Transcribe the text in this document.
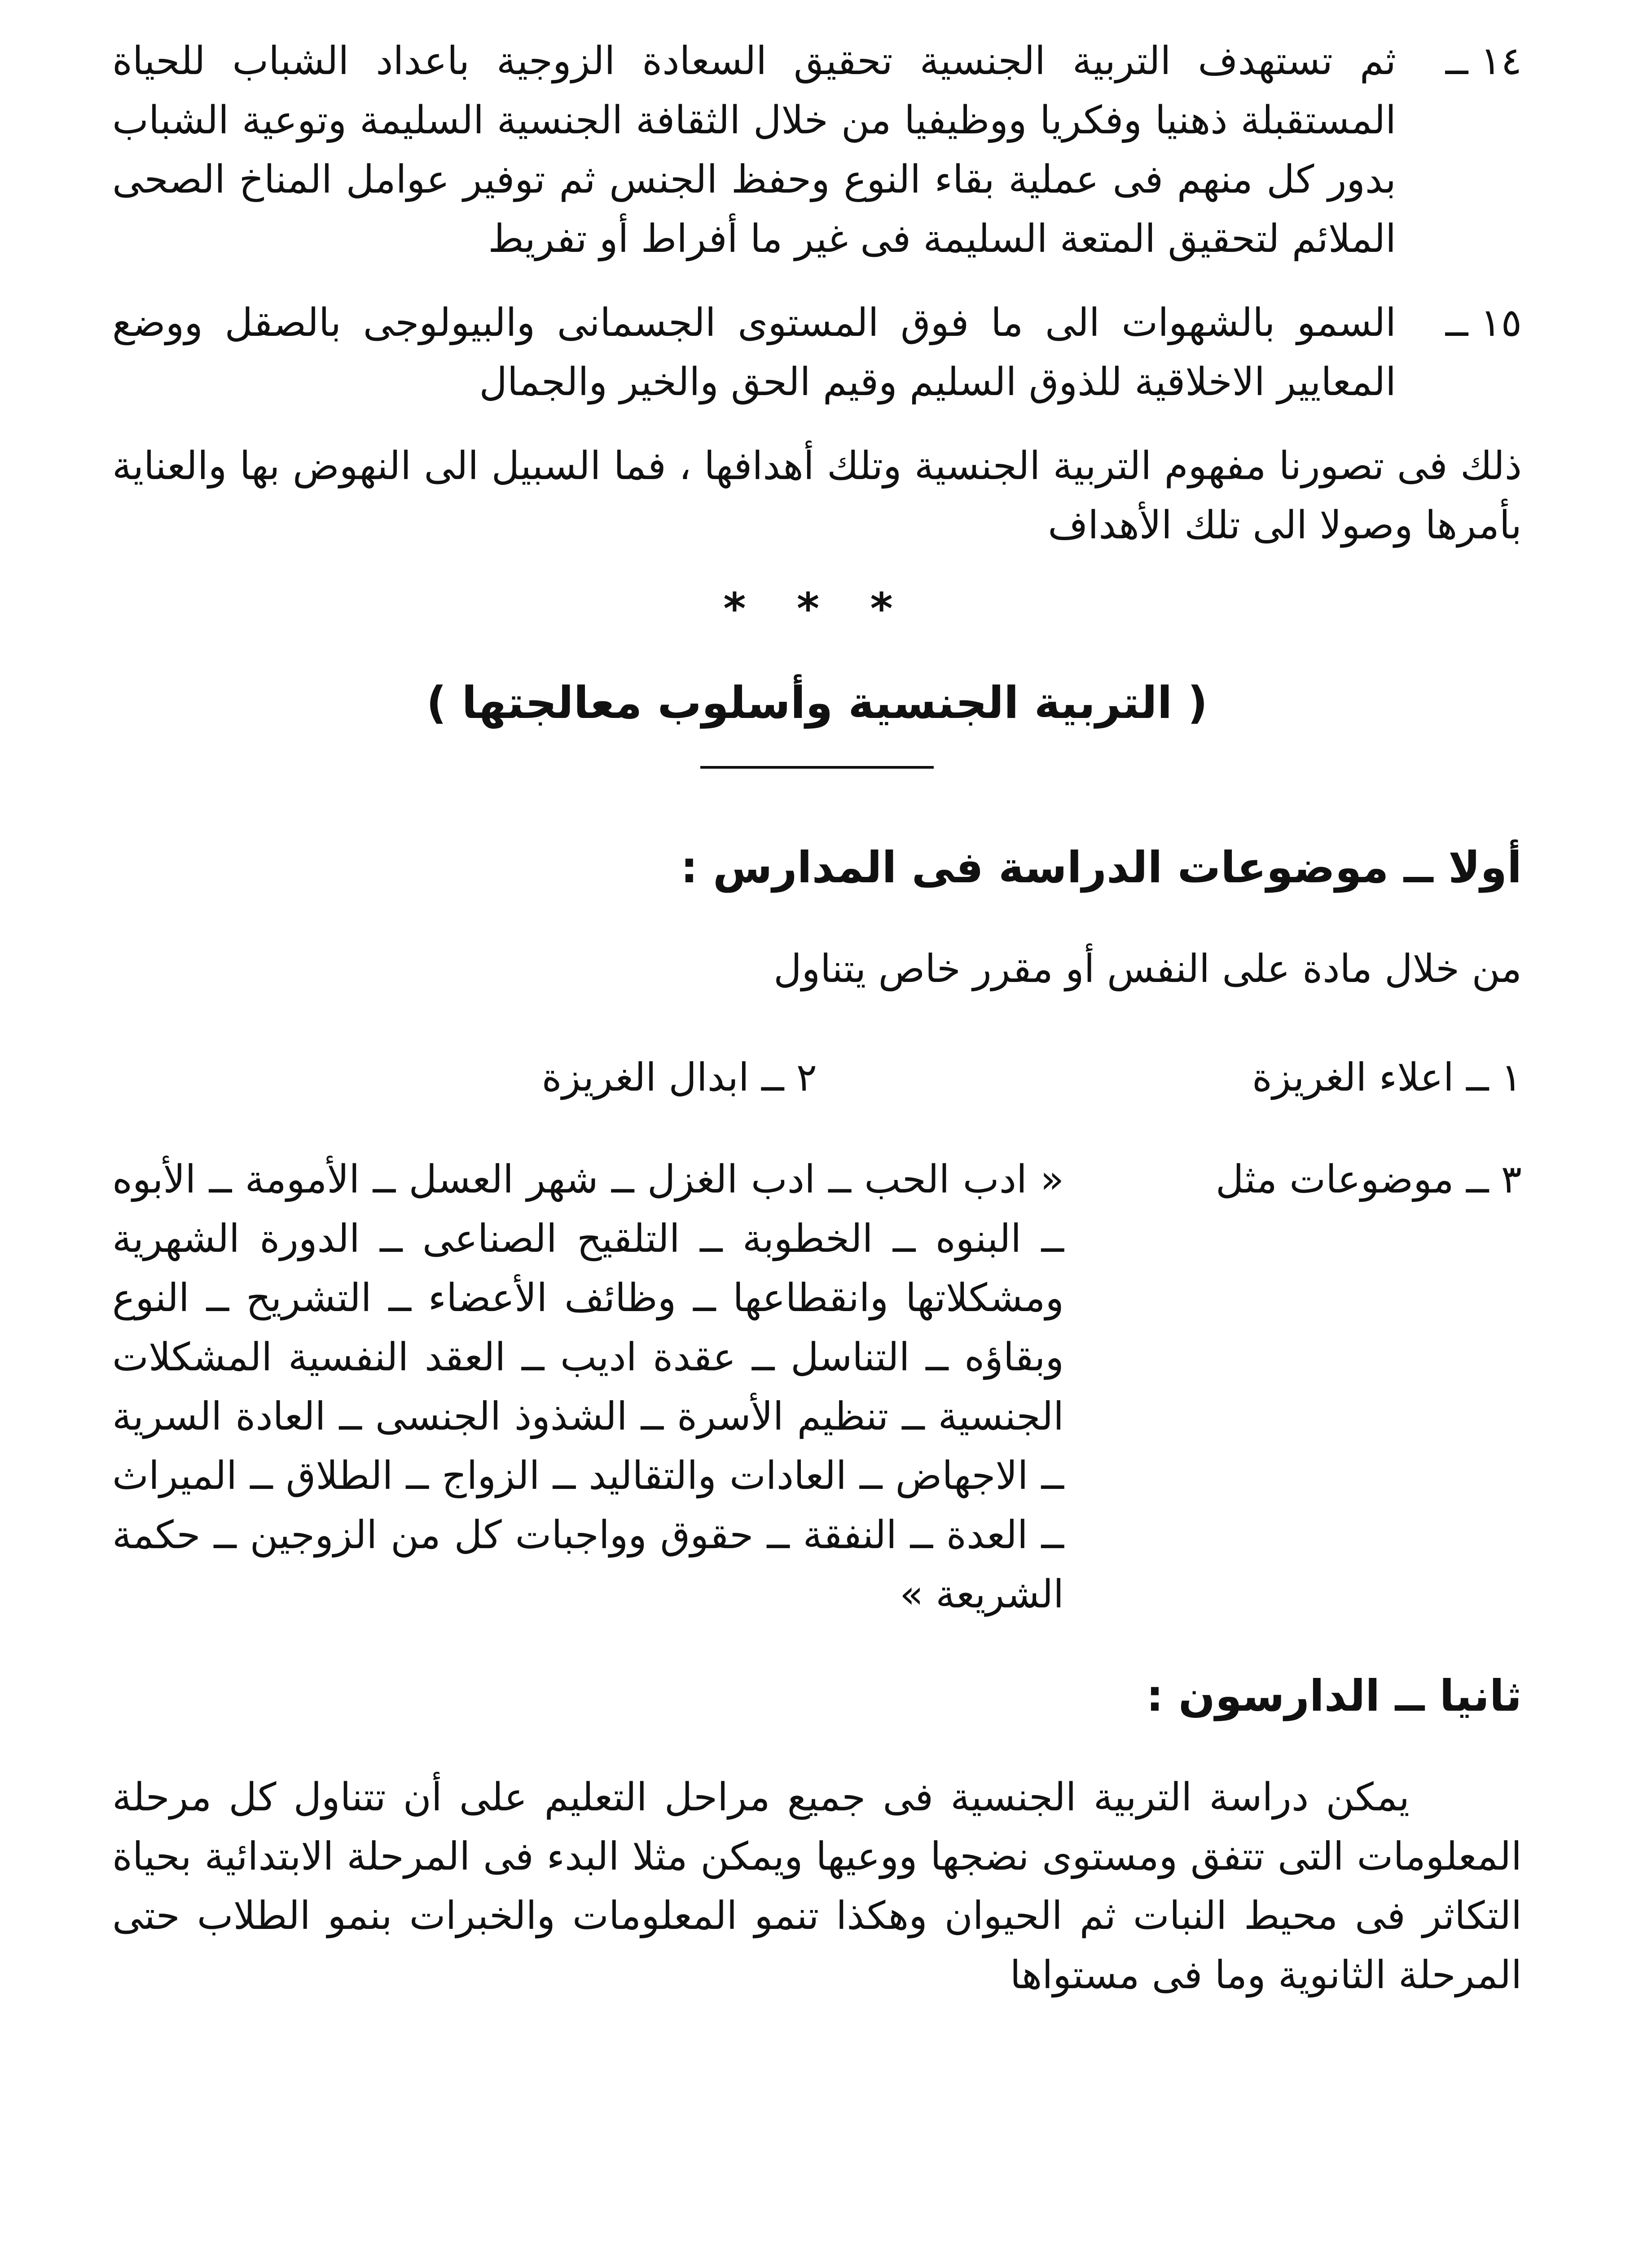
١٤ ــ
ثم تستهدف التربية الجنسية تحقيق السعادة الزوجية باعداد الشباب للحياة المستقبلة ذهنيا وفكريا ووظيفيا من خلال الثقافة الجنسية السليمة وتوعية الشباب بدور كل منهم فى عملية بقاء النوع وحفظ الجنس ثم توفير عوامل المناخ الصحى الملائم لتحقيق المتعة السليمة فى غير ما أفراط أو تفريط
١٥ ــ
السمو بالشهوات الى ما فوق المستوى الجسمانى والبيولوجى بالصقل ووضع المعايير الاخلاقية للذوق السليم وقيم الحق والخير والجمال

ذلك فى تصورنا مفهوم التربية الجنسية وتلك أهدافها ، فما السبيل الى النهوض بها والعناية بأمرها وصولا الى تلك الأهداف

* * *
( التربية الجنسية وأسلوب معالجتها )
أولا ــ موضوعات الدراسة فى المدارس :
من خلال مادة على النفس أو مقرر خاص يتناول
١ ــ اعلاء الغريزة
٢ ــ ابدال الغريزة
٣ ــ موضوعات مثل
« ادب الحب ــ ادب الغزل ــ شهر العسل ــ الأمومة ــ الأبوه ــ البنوه ــ الخطوبة ــ التلقيح الصناعى ــ الدورة الشهرية ومشكلاتها وانقطاعها ــ وظائف الأعضاء ــ التشريح ــ النوع وبقاؤه ــ التناسل ــ عقدة اديب ــ العقد النفسية المشكلات الجنسية ــ تنظيم الأسرة ــ الشذوذ الجنسى ــ العادة السرية ــ الاجهاض ــ العادات والتقاليد ــ الزواج ــ الطلاق ــ الميراث ــ العدة ــ النفقة ــ حقوق وواجبات كل من الزوجين ــ حكمة الشريعة »
ثانيا ــ الدارسون :

يمكن دراسة التربية الجنسية فى جميع مراحل التعليم على أن تتناول كل مرحلة المعلومات التى تتفق ومستوى نضجها ووعيها ويمكن مثلا البدء فى المرحلة الابتدائية بحياة التكاثر فى محيط النبات ثم الحيوان وهكذا تنمو المعلومات والخبرات بنمو الطلاب حتى المرحلة الثانوية وما فى مستواها
